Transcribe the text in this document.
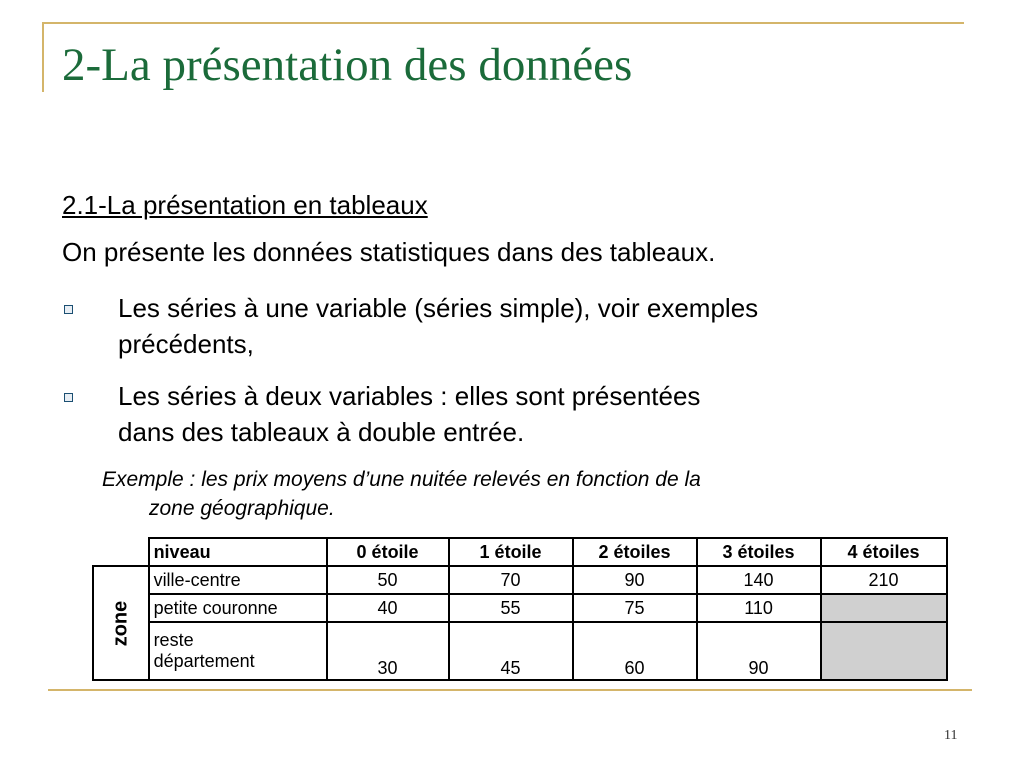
2-La présentation des données
2.1-La présentation en tableaux
On présente les données statistiques dans des tableaux.
Les séries à une variable (séries simple), voir exemples
précédents,
Les séries à deux variables : elles sont présentées
dans des tableaux à double entrée.
Exemple : les prix moyens d’une nuitée relevés en fonction de la
zone géographique.
	niveau	0 étoile	1 étoile	2 étoiles	3 étoiles	4 étoiles
zone	ville-centre	50	70	90	140	210
	petite couronne	40	55	75	110	
	reste
département	30	45	60	90	
11
